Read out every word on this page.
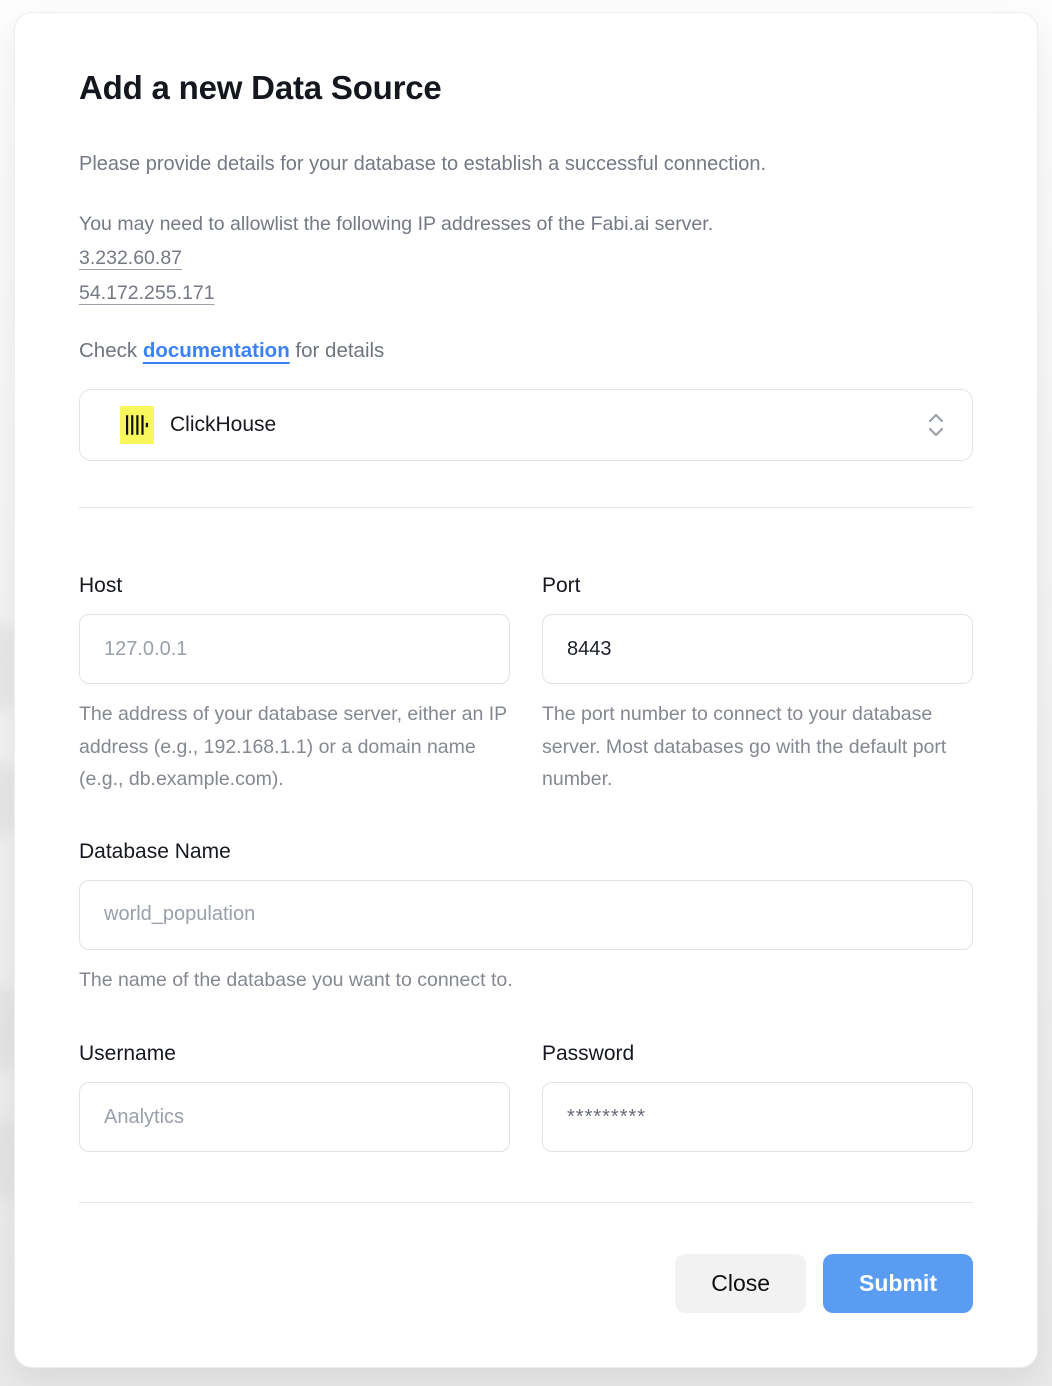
Add a new Data Source

Please provide details for your database to establish a successful connection.

You may need to allowlist the following IP addresses of the Fabi.ai server.

3.232.60.87
54.172.255.171

Check documentation for details

ClickHouse
Host
127.0.0.1

The address of your database server, either an IP address (e.g., 192.168.1.1) or a domain name (e.g., db.example.com).

Port
8443

The port number to connect to your database server. Most databases go with the default port number.

Database Name
world_population

The name of the database you want to connect to.

Username
Analytics	Password
*********
Close	Submit
